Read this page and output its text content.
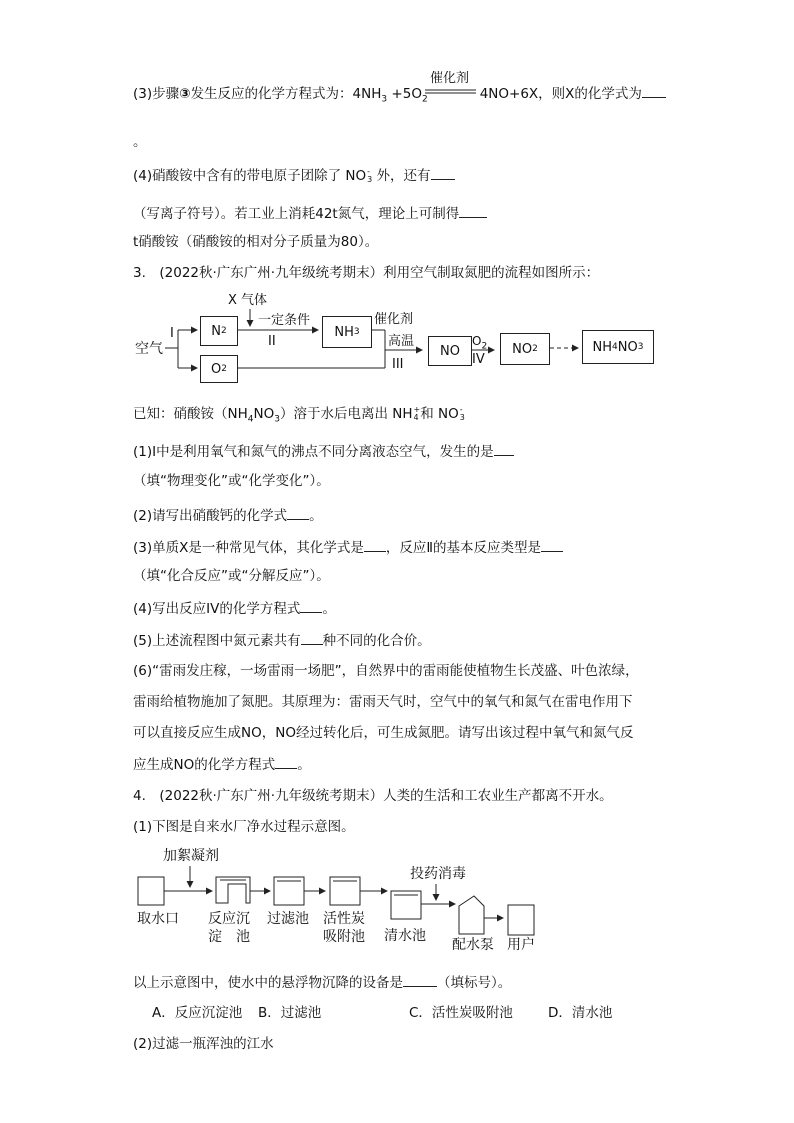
催化剂
(3)步骤③发生反应的化学方程式为：$4NH_3 +5O_2$	4NO+6X，则X的化学式为
。
(4)硝酸铵中含有的带电原子团除了 NO -
3 外，还有
（写离子符号）。若工业上消耗42t氮气，理论上可制得
t硝酸铵（硝酸铵的相对分子质量为80）。
3.　(2022秋·广东广州·九年级统考期末）利用空气制取氮肥的流程如图所示：
X 气体
空气
I	N 2
O 2
一定条件
II
NH 3
催化剂
高温
III
NO
$O_2$
IV
NO 2	NH 4 NO 3
已知：硝酸铵$(NH_4NO_3)$溶于水后电离出 NH +
4 和 NO -
3
(1)I中是利用氧气和氮气的沸点不同分离液态空气，发生的是
（填“物理变化”或“化学变化”）。
(2)请写出硝酸钙的化学式 。
(3)单质X是一种常见气体，其化学式是 ，反应Ⅱ的基本反应类型是
（填“化合反应”或“分解反应”）。
(4)写出反应IV的化学方程式 。
(5)上述流程图中氮元素共有 种不同的化合价。
(6)“雷雨发庄稼，一场雷雨一场肥”，自然界中的雷雨能使植物生长茂盛、叶色浓绿，
雷雨给植物施加了氮肥。其原理为：雷雨天气时，空气中的氧气和氮气在雷电作用下
可以直接反应生成NO，NO经过转化后，可生成氮肥。请写出该过程中氧气和氮气反
应生成NO的化学方程式 。
4.　(2022秋·广东广州·九年级统考期末）人类的生活和工农业生产都离不开水。
(1)下图是自来水厂净水过程示意图。
加絮凝剂
投药消毒
取水口 反应沉
淀　池
过滤池 活性炭
吸附池 清水池
配水泵 用户
以上示意图中，使水中的悬浮物沉降的设备是	（填标号）。
A．反应沉淀池 B．过滤池	C．活性炭吸附池	D．清水池
(2)过滤一瓶浑浊的江水
